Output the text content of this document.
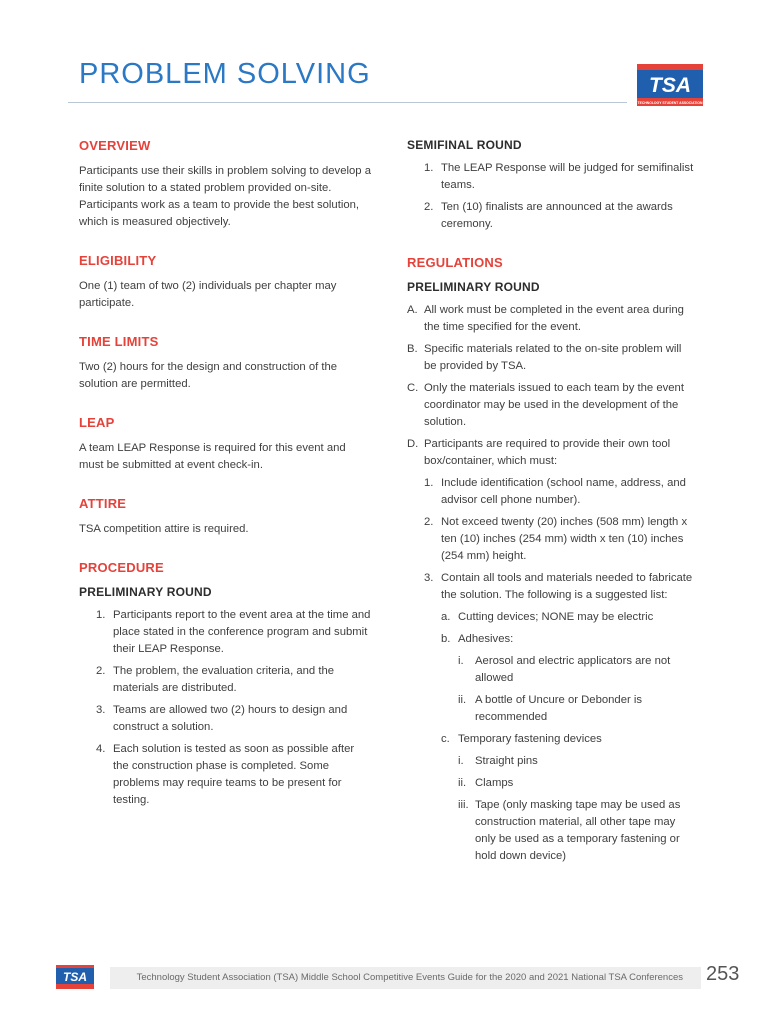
PROBLEM SOLVING	TSA
TECHNOLOGY STUDENT ASSOCIATION
OVERVIEW

Participants use their skills in problem solving to develop a finite solution to a stated problem provided on-site. Participants work as a team to provide the best solution, which is measured objectively.

ELIGIBILITY

One (1) team of two (2) individuals per chapter may participate.

TIME LIMITS

Two (2) hours for the design and construction of the solution are permitted.

LEAP

A team LEAP Response is required for this event and must be submitted at event check-in.

ATTIRE

TSA competition attire is required.

PROCEDURE
PRELIMINARY ROUND
1. Participants report to the event area at the time and place stated in the conference program and submit their LEAP Response.
2. The problem, the evaluation criteria, and the materials are distributed.
3. Teams are allowed two (2) hours to design and construct a solution.
4. Each solution is tested as soon as possible after the construction phase is completed. Some problems may require teams to be present for testing.
SEMIFINAL ROUND
1. The LEAP Response will be judged for semifinalist teams.
2. Ten (10) finalists are announced at the awards ceremony.
REGULATIONS
PRELIMINARY ROUND
A. All work must be completed in the event area during the time specified for the event.
B. Specific materials related to the on-site problem will be provided by TSA.
C. Only the materials issued to each team by the event coordinator may be used in the development of the solution.
D. Participants are required to provide their own tool box/container, which must:
1. Include identification (school name, address, and advisor cell phone number).
2. Not exceed twenty (20) inches (508 mm) length x ten (10) inches (254 mm) width x ten (10) inches (254 mm) height.
3. Contain all tools and materials needed to fabricate the solution. The following is a suggested list:
a. Cutting devices; NONE may be electric
b. Adhesives:
i. Aerosol and electric applicators are not allowed
ii. A bottle of Uncure or Debonder is recommended
c. Temporary fastening devices
i. Straight pins
ii. Clamps
iii. Tape (only masking tape may be used as construction material, all other tape may only be used as a temporary fastening or hold down device)
TSA	Technology Student Association (TSA) Middle School Competitive Events Guide for the 2020 and 2021 National TSA Conferences 253
